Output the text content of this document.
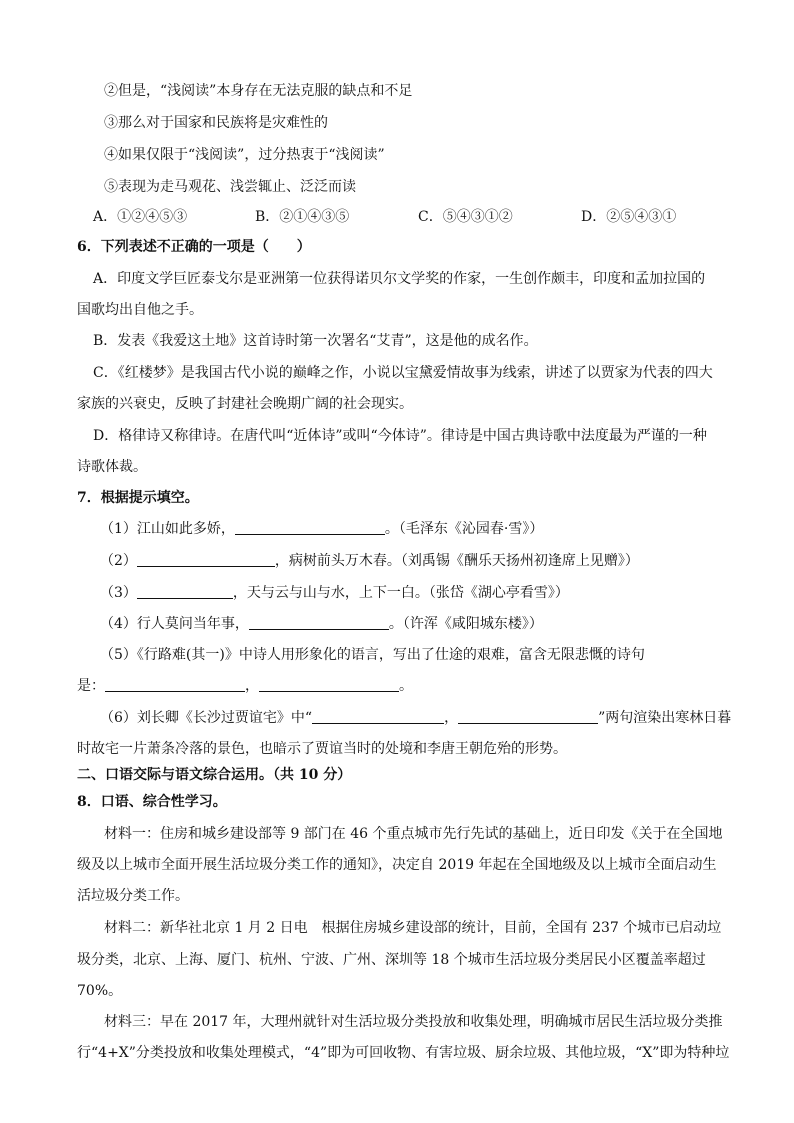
②但是，“浅阅读”本身存在无法克服的缺点和不足
③那么对于国家和民族将是灾难性的
④如果仅限于“浅阅读”，过分热衷于“浅阅读”
⑤表现为走马观花、浅尝辄止、泛泛而读
A．①②④⑤③	B．②①④③⑤	C．⑤④③①②	D．②⑤④③①
6．下列表述不正确的一项是（　　）
A．印度文学巨匠泰戈尔是亚洲第一位获得诺贝尔文学奖的作家，一生创作颇丰，印度和孟加拉国的
国歌均出自他之手。
B．发表《我爱这土地》这首诗时第一次署名“艾青”，这是他的成名作。
C．《红楼梦》是我国古代小说的巅峰之作，小说以宝黛爱情故事为线索，讲述了以贾家为代表的四大
家族的兴衰史，反映了封建社会晚期广阔的社会现实。
D．格律诗又称律诗。在唐代叫“近体诗”或叫“今体诗”。律诗是中国古典诗歌中法度最为严谨的一种
诗歌体裁。
7．根据提示填空。
（1）江山如此多娇，	。（毛泽东《沁园春·雪》）
（2）	，病树前头万木春。（刘禹锡《酬乐天扬州初逢席上见赠》）
（3）	，天与云与山与水，上下一白。（张岱《湖心亭看雪》）
（4）行人莫问当年事，	。（许浑《咸阳城东楼》）
（5）《行路难(其一)》中诗人用形象化的语言，写出了仕途的艰难，富含无限悲慨的诗句
是：	，	。
（6）刘长卿《长沙过贾谊宅》中“	，	”两句渲染出寒林日暮
时故宅一片萧条冷落的景色，也暗示了贾谊当时的处境和李唐王朝危殆的形势。
二、口语交际与语文综合运用。（共 10 分）
8．口语、综合性学习。
材料一：住房和城乡建设部等 9 部门在 46 个重点城市先行先试的基础上，近日印发《关于在全国地
级及以上城市全面开展生活垃圾分类工作的通知》，决定自 2019 年起在全国地级及以上城市全面启动生
活垃圾分类工作。
材料二：新华社北京 1 月 2 日电　根据住房城乡建设部的统计，目前，全国有 237 个城市已启动垃
圾分类，北京、上海、厦门、杭州、宁波、广州、深圳等 18 个城市生活垃圾分类居民小区覆盖率超过
70%。
材料三：早在 2017 年，大理州就针对生活垃圾分类投放和收集处理，明确城市居民生活垃圾分类推
行“4+X”分类投放和收集处理模式，“4”即为可回收物、有害垃圾、厨余垃圾、其他垃圾，“X”即为特种垃
